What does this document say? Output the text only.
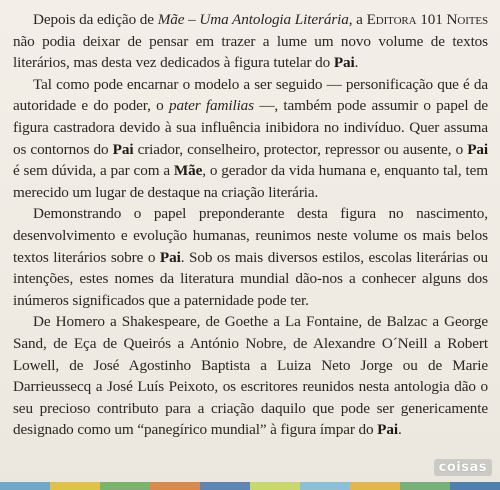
Depois da edição de Mãe – Uma Antologia Literária, a Editora 101 Noites não podia deixar de pensar em trazer a lume um novo volume de textos literários, mas desta vez dedicados à figura tutelar do Pai.

Tal como pode encarnar o modelo a ser seguido — personificação que é da autoridade e do poder, o pater familias —, também pode assumir o papel de figura castradora devido à sua influência inibidora no indivíduo. Quer assuma os contornos do Pai criador, conselheiro, protector, repressor ou ausente, o Pai é sem dúvida, a par com a Mãe, o gerador da vida humana e, enquanto tal, tem merecido um lugar de destaque na criação literária.

Demonstrando o papel preponderante desta figura no nascimento, desenvolvimento e evolução humanas, reunimos neste volume os mais belos textos literários sobre o Pai. Sob os mais diversos estilos, escolas literárias ou intenções, estes nomes da literatura mundial dão-nos a conhecer alguns dos inúmeros significados que a paternidade pode ter.

De Homero a Shakespeare, de Goethe a La Fontaine, de Balzac a George Sand, de Eça de Queirós a António Nobre, de Alexandre O´Neill a Robert Lowell, de José Agostinho Baptista a Luiza Neto Jorge ou de Marie Darrieussecq a José Luís Peixoto, os escritores reunidos nesta antologia dão o seu precioso contributo para a criação daquilo que pode ser genericamente designado como um “panegírico mundial” à figura ímpar do Pai.

coisas
